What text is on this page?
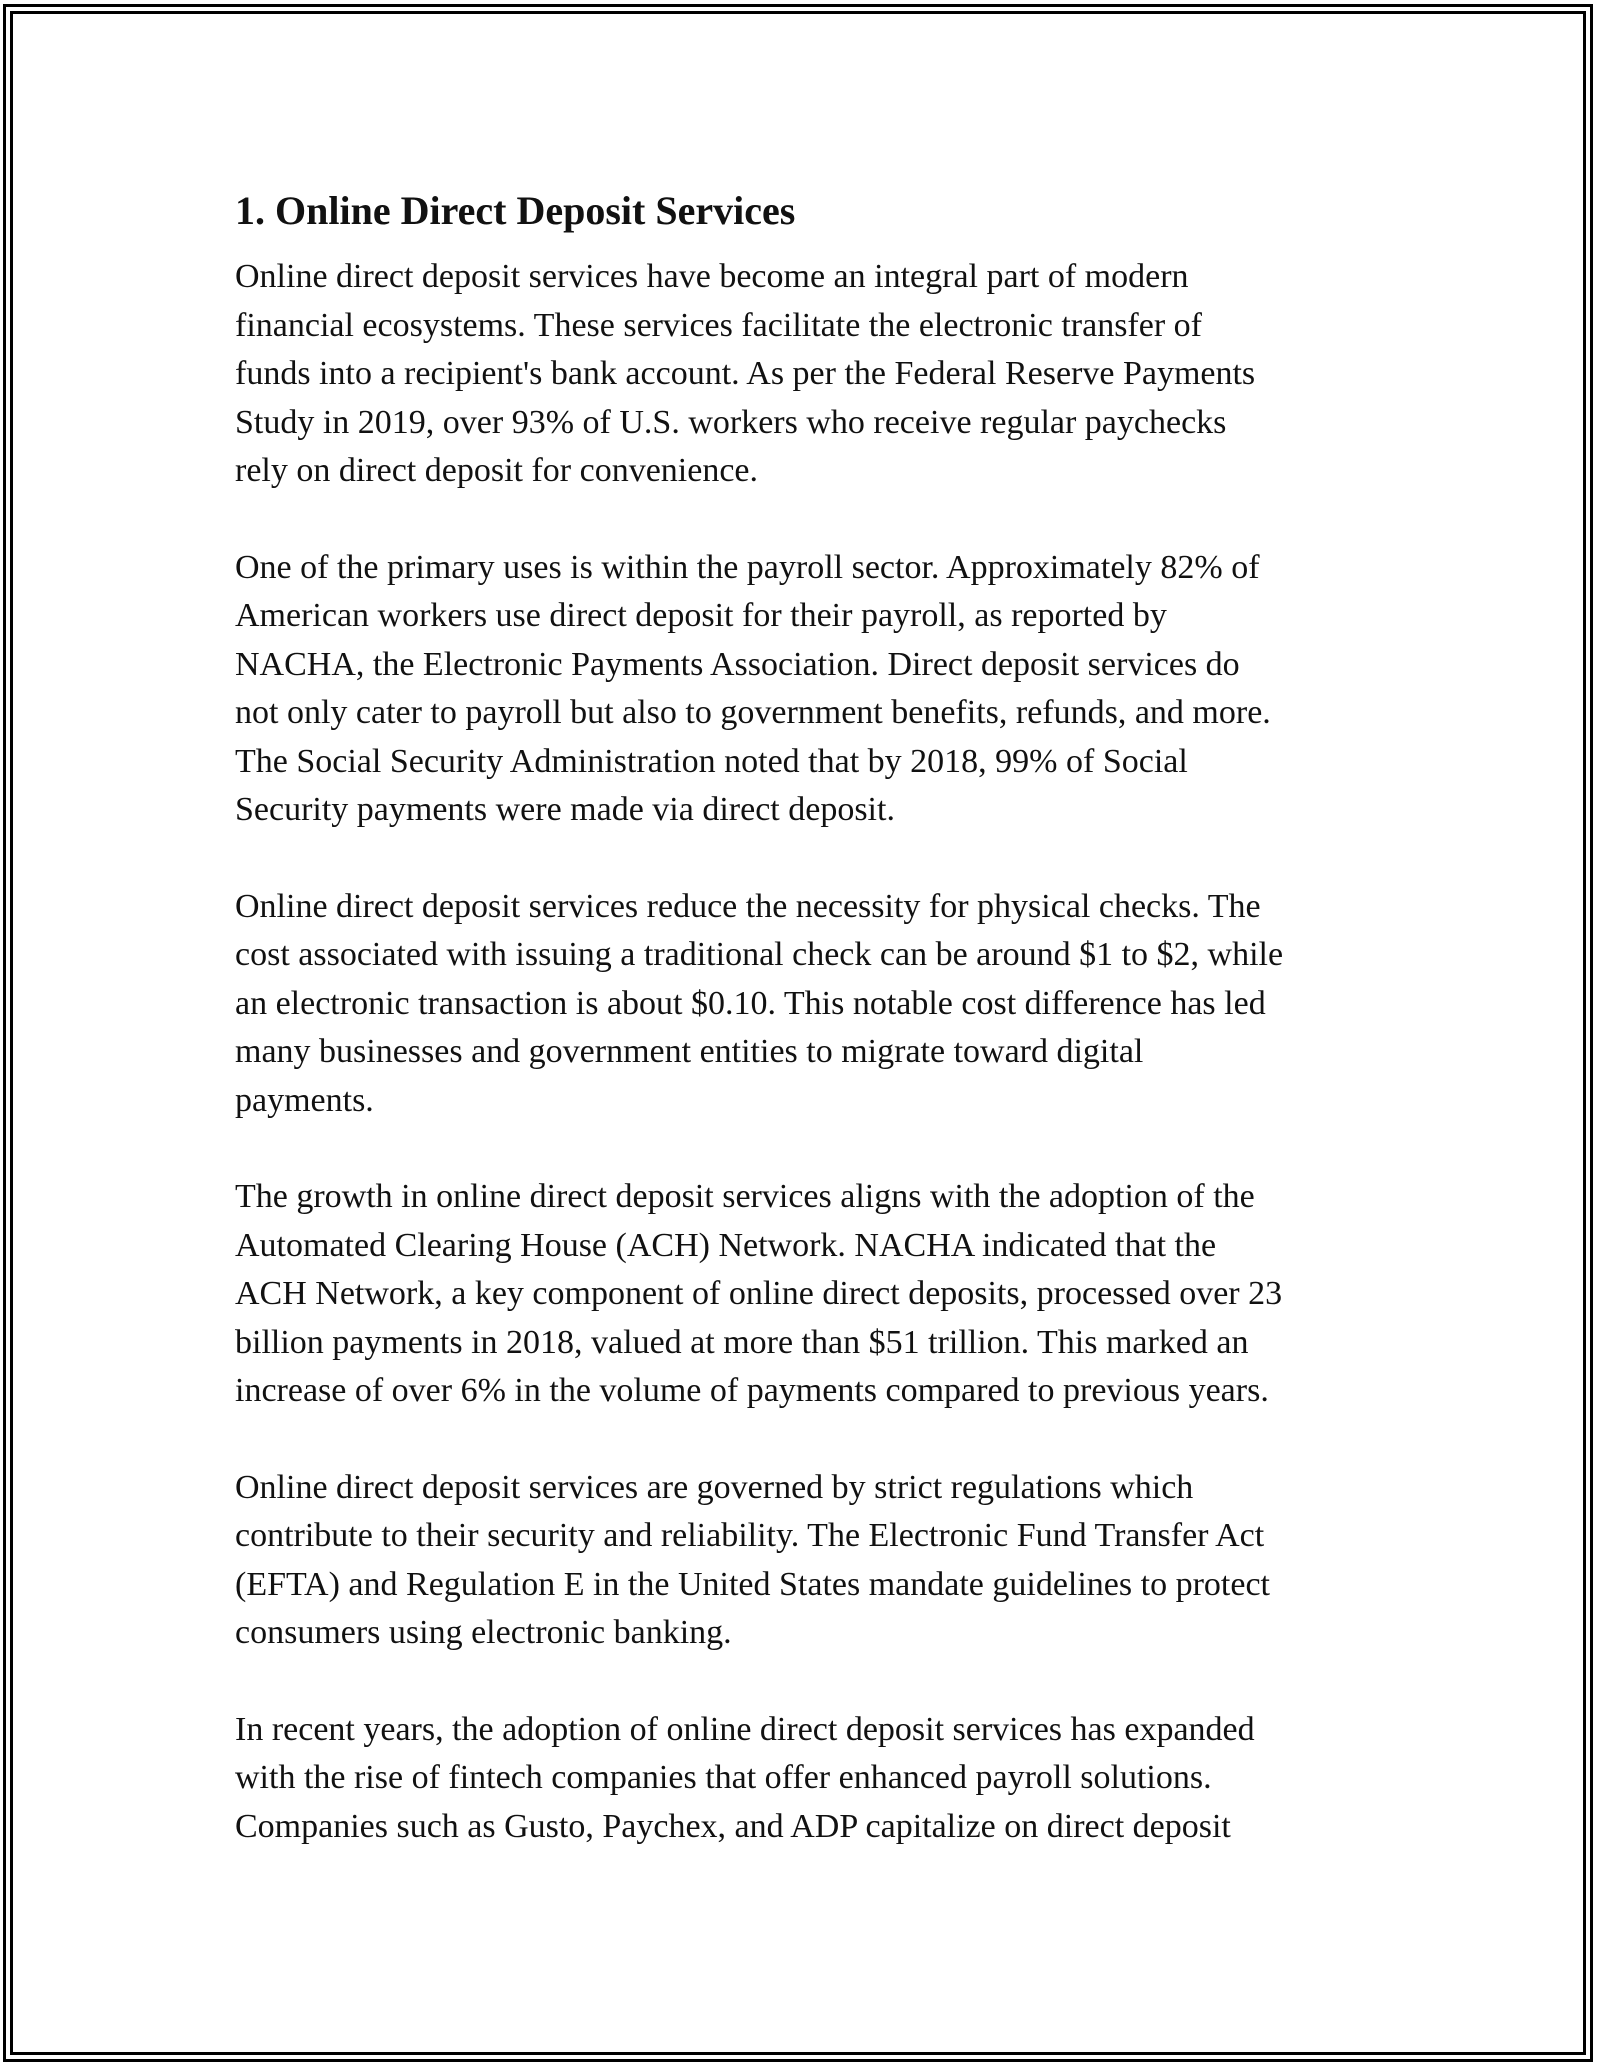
1. Online Direct Deposit Services

Online direct deposit services have become an integral part of modern
financial ecosystems. These services facilitate the electronic transfer of
funds into a recipient's bank account. As per the Federal Reserve Payments
Study in 2019, over 93% of U.S. workers who receive regular paychecks
rely on direct deposit for convenience.

One of the primary uses is within the payroll sector. Approximately 82% of
American workers use direct deposit for their payroll, as reported by
NACHA, the Electronic Payments Association. Direct deposit services do
not only cater to payroll but also to government benefits, refunds, and more.
The Social Security Administration noted that by 2018, 99% of Social
Security payments were made via direct deposit.

Online direct deposit services reduce the necessity for physical checks. The
cost associated with issuing a traditional check can be around $1 to $2, while
an electronic transaction is about $0.10. This notable cost difference has led
many businesses and government entities to migrate toward digital
payments.

The growth in online direct deposit services aligns with the adoption of the
Automated Clearing House (ACH) Network. NACHA indicated that the
ACH Network, a key component of online direct deposits, processed over 23
billion payments in 2018, valued at more than $51 trillion. This marked an
increase of over 6% in the volume of payments compared to previous years.

Online direct deposit services are governed by strict regulations which
contribute to their security and reliability. The Electronic Fund Transfer Act
(EFTA) and Regulation E in the United States mandate guidelines to protect
consumers using electronic banking.

In recent years, the adoption of online direct deposit services has expanded
with the rise of fintech companies that offer enhanced payroll solutions.
Companies such as Gusto, Paychex, and ADP capitalize on direct deposit
